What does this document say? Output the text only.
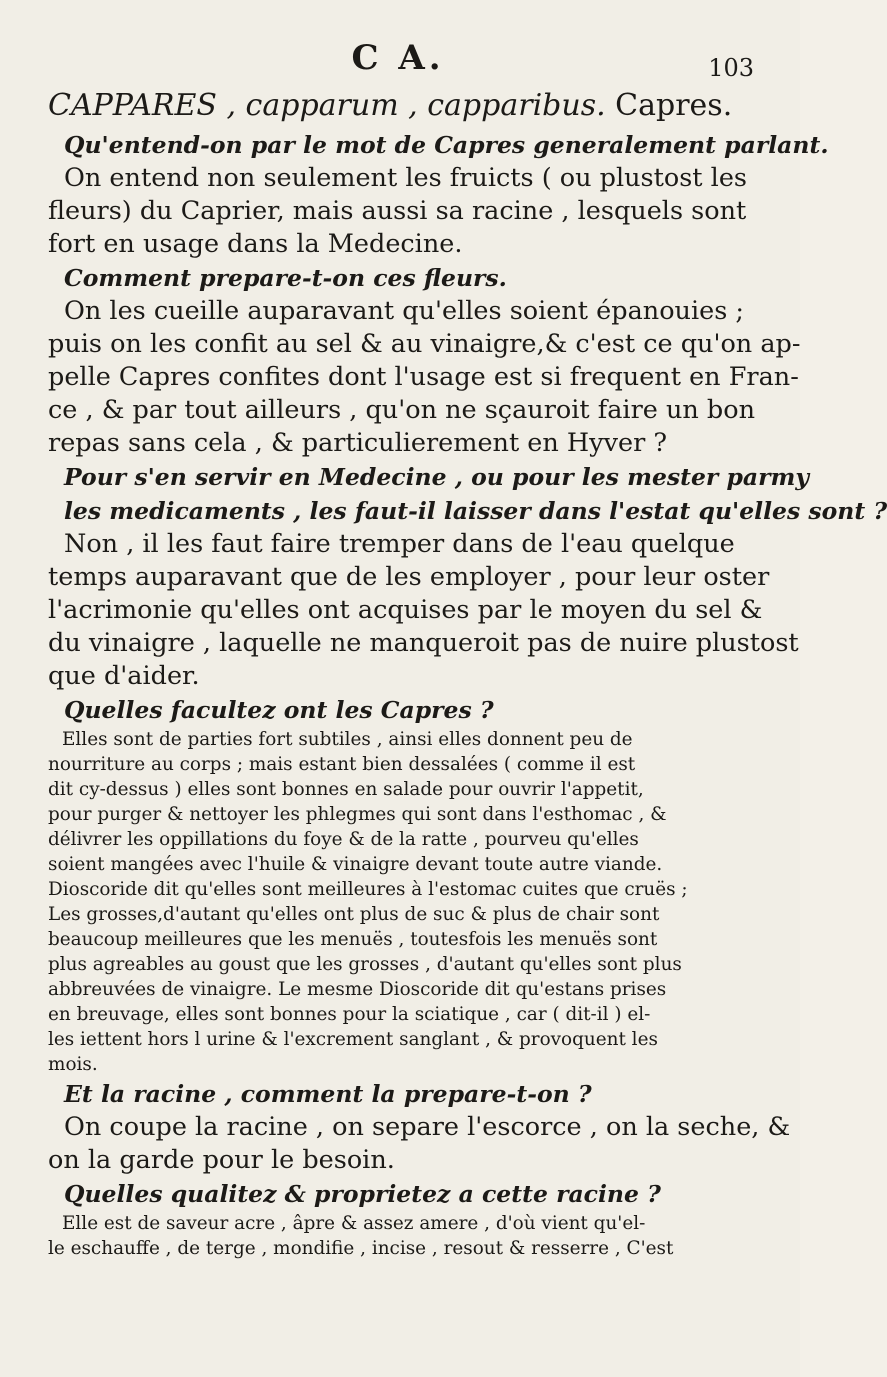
C A.	103
CAPPARES , capparum , capparibus. Capres.
Qu'entend-on par le mot de Capres generalement parlant.
On entend non seulement les fruicts ( ou plustost les
fleurs) du Caprier, mais aussi sa racine , lesquels sont
fort en usage dans la Medecine.
Comment prepare-t-on ces fleurs.
On les cueille auparavant qu'elles soient épanouies ;
puis on les confit au sel & au vinaigre,& c'est ce qu'on ap-
pelle Capres confites dont l'usage est si frequent en Fran-
ce , & par tout ailleurs , qu'on ne sçauroit faire un bon
repas sans cela , & particulierement en Hyver ?
Pour s'en servir en Medecine , ou pour les mester parmy
les medicaments , les faut-il laisser dans l'estat qu'elles sont ?
Non , il les faut faire tremper dans de l'eau quelque
temps auparavant que de les employer , pour leur oster
l'acrimonie qu'elles ont acquises par le moyen du sel &
du vinaigre , laquelle ne manqueroit pas de nuire plustost
que d'aider.
Quelles facultez ont les Capres ?
Elles sont de parties fort subtiles , ainsi elles donnent peu de
nourriture au corps ; mais estant bien dessalées ( comme il est
dit cy-dessus ) elles sont bonnes en salade pour ouvrir l'appetit,
pour purger & nettoyer les phlegmes qui sont dans l'esthomac , &
délivrer les oppillations du foye & de la ratte , pourveu qu'elles
soient mangées avec l'huile & vinaigre devant toute autre viande.
Dioscoride dit qu'elles sont meilleures à l'estomac cuites que cruës ;
Les grosses,d'autant qu'elles ont plus de suc & plus de chair sont
beaucoup meilleures que les menuës , toutesfois les menuës sont
plus agreables au goust que les grosses , d'autant qu'elles sont plus
abbreuvées de vinaigre. Le mesme Dioscoride dit qu'estans prises
en breuvage, elles sont bonnes pour la sciatique , car ( dit-il ) el-
les iettent hors l urine & l'excrement sanglant , & provoquent les
mois.
Et la racine , comment la prepare-t-on ?
On coupe la racine , on separe l'escorce , on la seche, &
on la garde pour le besoin.
Quelles qualitez & proprietez a cette racine ?
Elle est de saveur acre , âpre & assez amere , d'où vient qu'el-
le eschauffe , de terge , mondifie , incise , resout & resserre , C'est
